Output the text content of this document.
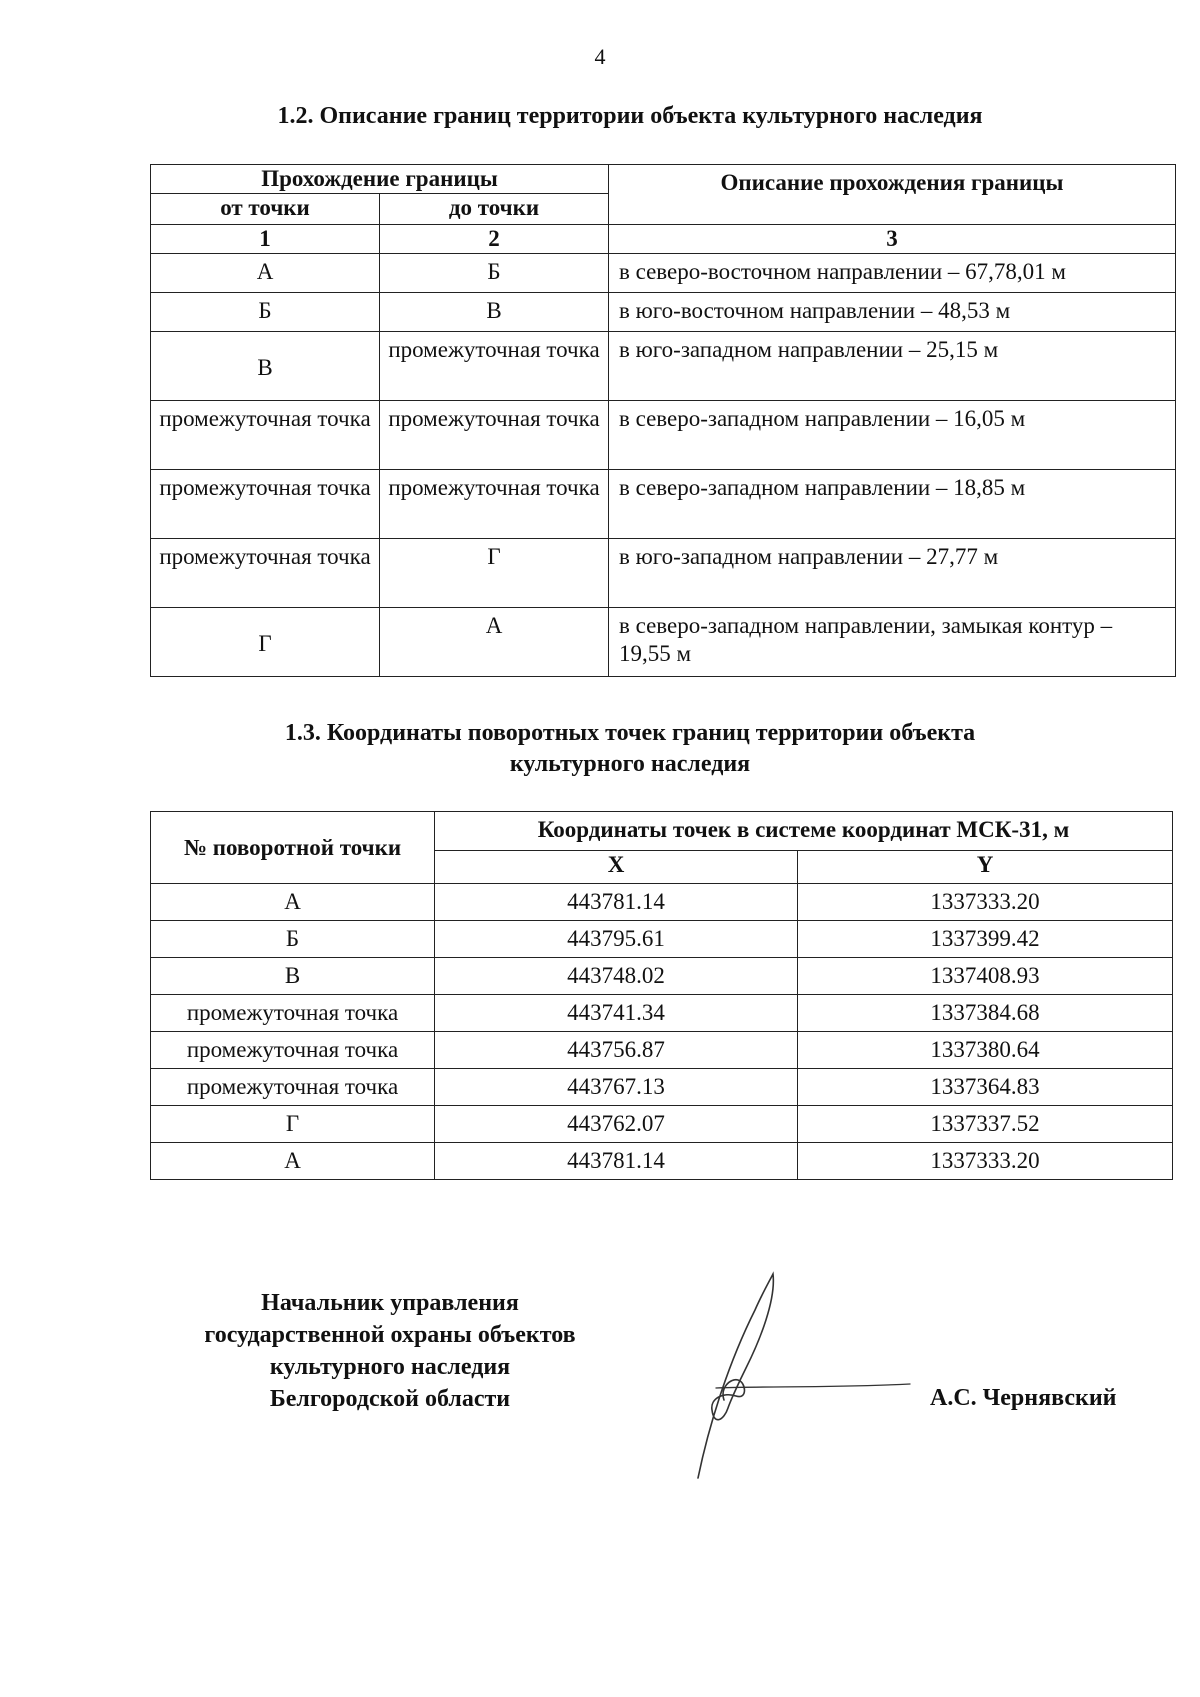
4
1.2. Описание границ территории объекта культурного наследия
Прохождение границы		Описание прохождения границы
от точки	до точки	
1	2	3
А	Б	в северо-восточном направлении – 67,78,01 м
Б	В	в юго-восточном направлении – 48,53 м
В	промежуточная точка	в юго-западном направлении – 25,15 м
промежуточная точка	промежуточная точка	в северо-западном направлении – 16,05 м
промежуточная точка	промежуточная точка	в северо-западном направлении – 18,85 м
промежуточная точка	Г	в юго-западном направлении – 27,77 м
Г	А	в северо-западном направлении, замыкая контур – 19,55 м
1.3. Координаты поворотных точек границ территории объекта
культурного наследия
№ поворотной точки	Координаты точек в системе координат МСК-31, м	
	X	Y
А	443781.14	1337333.20
Б	443795.61	1337399.42
В	443748.02	1337408.93
промежуточная точка	443741.34	1337384.68
промежуточная точка	443756.87	1337380.64
промежуточная точка	443767.13	1337364.83
Г	443762.07	1337337.52
А	443781.14	1337333.20
Начальник управления
государственной охраны объектов
культурного наследия
Белгородской области	А.С. Чернявский
